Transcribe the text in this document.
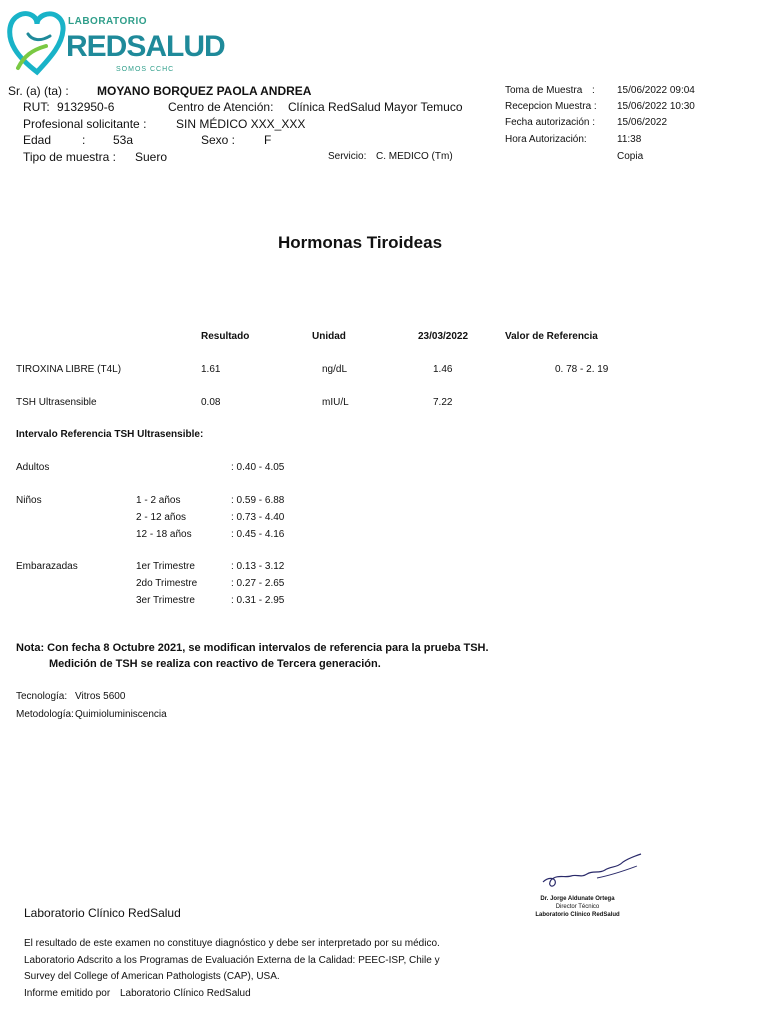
LABORATORIO
REDSALUD
SOMOS CCHC
Sr. (a) (ta) : MOYANO BORQUEZ PAOLA ANDREA
RUT: 9132950-6	Centro de Atención: Clínica RedSalud Mayor Temuco
Profesional solicitante : SIN MÉDICO XXX_XXX
Edad	: 53a	Sexo : F
Tipo de muestra : Suero	Servicio: C. MEDICO (Tm)
Toma de Muestra : 15/06/2022 09:04
Recepcion Muestra : 15/06/2022 10:30
Fecha autorización : 15/06/2022
Hora Autorización:	11:38
Copia
Hormonas Tiroideas
Resultado	Unidad	23/03/2022	Valor de Referencia
TIROXINA LIBRE (T4L)	1.61	ng/dL	1.46	0. 78 - 2. 19
TSH Ultrasensible	0.08	mIU/L	7.22
Intervalo Referencia TSH Ultrasensible:
Adultos	: 0.40 - 4.05
Niños	1 - 2 años	: 0.59 - 6.88
2 - 12 años	: 0.73 - 4.40
12 - 18 años	: 0.45 - 4.16
Embarazadas	1er Trimestre	: 0.13 - 3.12
2do Trimestre	: 0.27 - 2.65
3er Trimestre	: 0.31 - 2.95
Nota: Con fecha 8 Octubre 2021, se modifican intervalos de referencia para la prueba TSH.
Medición de TSH se realiza con reactivo de Tercera generación.
Tecnología: Vitros 5600
Metodología: Quimioluminiscencia
Dr. Jorge Aldunate Ortega
Director Técnico
Laboratorio Clínico RedSalud
Laboratorio Clínico RedSalud
El resultado de este examen no constituye diagnóstico y debe ser interpretado por su médico.
Laboratorio Adscrito a los Programas de Evaluación Externa de la Calidad: PEEC-ISP, Chile y
Survey del College of American Pathologists (CAP), USA.
Informe emitido por Laboratorio Clínico RedSalud
